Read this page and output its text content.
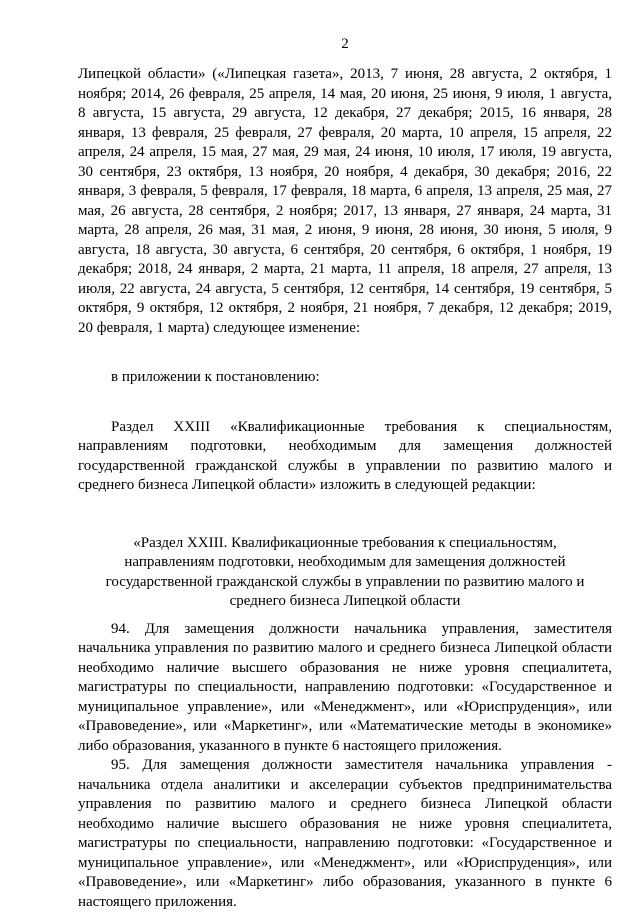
2
Липецкой области» («Липецкая газета», 2013, 7 июня, 28 августа, 2 октября, 1
ноября; 2014, 26 февраля, 25 апреля, 14 мая, 20 июня, 25 июня, 9 июля, 1 августа,
8 августа, 15 августа, 29 августа, 12 декабря, 27 декабря; 2015, 16 января, 28
января, 13 февраля, 25 февраля, 27 февраля, 20 марта, 10 апреля, 15 апреля, 22
апреля, 24 апреля, 15 мая, 27 мая, 29 мая, 24 июня, 10 июля, 17 июля, 19 августа,
30 сентября, 23 октября, 13 ноября, 20 ноября, 4 декабря, 30 декабря; 2016, 22
января, 3 февраля, 5 февраля, 17 февраля, 18 марта, 6 апреля, 13 апреля, 25 мая, 27
мая, 26 августа, 28 сентября, 2 ноября; 2017, 13 января, 27 января, 24 марта, 31
марта, 28 апреля, 26 мая, 31 мая, 2 июня, 9 июня, 28 июня, 30 июня, 5 июля, 9
августа, 18 августа, 30 августа, 6 сентября, 20 сентября, 6 октября, 1 ноября, 19
декабря; 2018, 24 января, 2 марта, 21 марта, 11 апреля, 18 апреля, 27 апреля, 13
июля, 22 августа, 24 августа, 5 сентября, 12 сентября, 14 сентября, 19 сентября, 5
октября, 9 октября, 12 октября, 2 ноября, 21 ноября, 7 декабря, 12 декабря; 2019,
20 февраля, 1 марта) следующее изменение:
в приложении к постановлению:
Раздел XXIII «Квалификационные требования к специальностям,
направлениям подготовки, необходимым для замещения должностей
государственной гражданской службы в управлении по развитию малого и
среднего бизнеса Липецкой области» изложить в следующей редакции:
«Раздел XXIII. Квалификационные требования к специальностям,
направлениям подготовки, необходимым для замещения должностей
государственной гражданской службы в управлении по развитию малого и
среднего бизнеса Липецкой области
94. Для замещения должности начальника управления, заместителя
начальника управления по развитию малого и среднего бизнеса Липецкой области
необходимо наличие высшего образования не ниже уровня специалитета,
магистратуры по специальности, направлению подготовки: «Государственное и
муниципальное управление», или «Менеджмент», или «Юриспруденция», или
«Правоведение», или «Маркетинг», или «Математические методы в экономике»
либо образования, указанного в пункте 6 настоящего приложения.
95. Для замещения должности заместителя начальника управления -
начальника отдела аналитики и акселерации субъектов предпринимательства
управления по развитию малого и среднего бизнеса Липецкой области
необходимо наличие высшего образования не ниже уровня специалитета,
магистратуры по специальности, направлению подготовки: «Государственное и
муниципальное управление», или «Менеджмент», или «Юриспруденция», или
«Правоведение», или «Маркетинг» либо образования, указанного в пункте 6
настоящего приложения.
